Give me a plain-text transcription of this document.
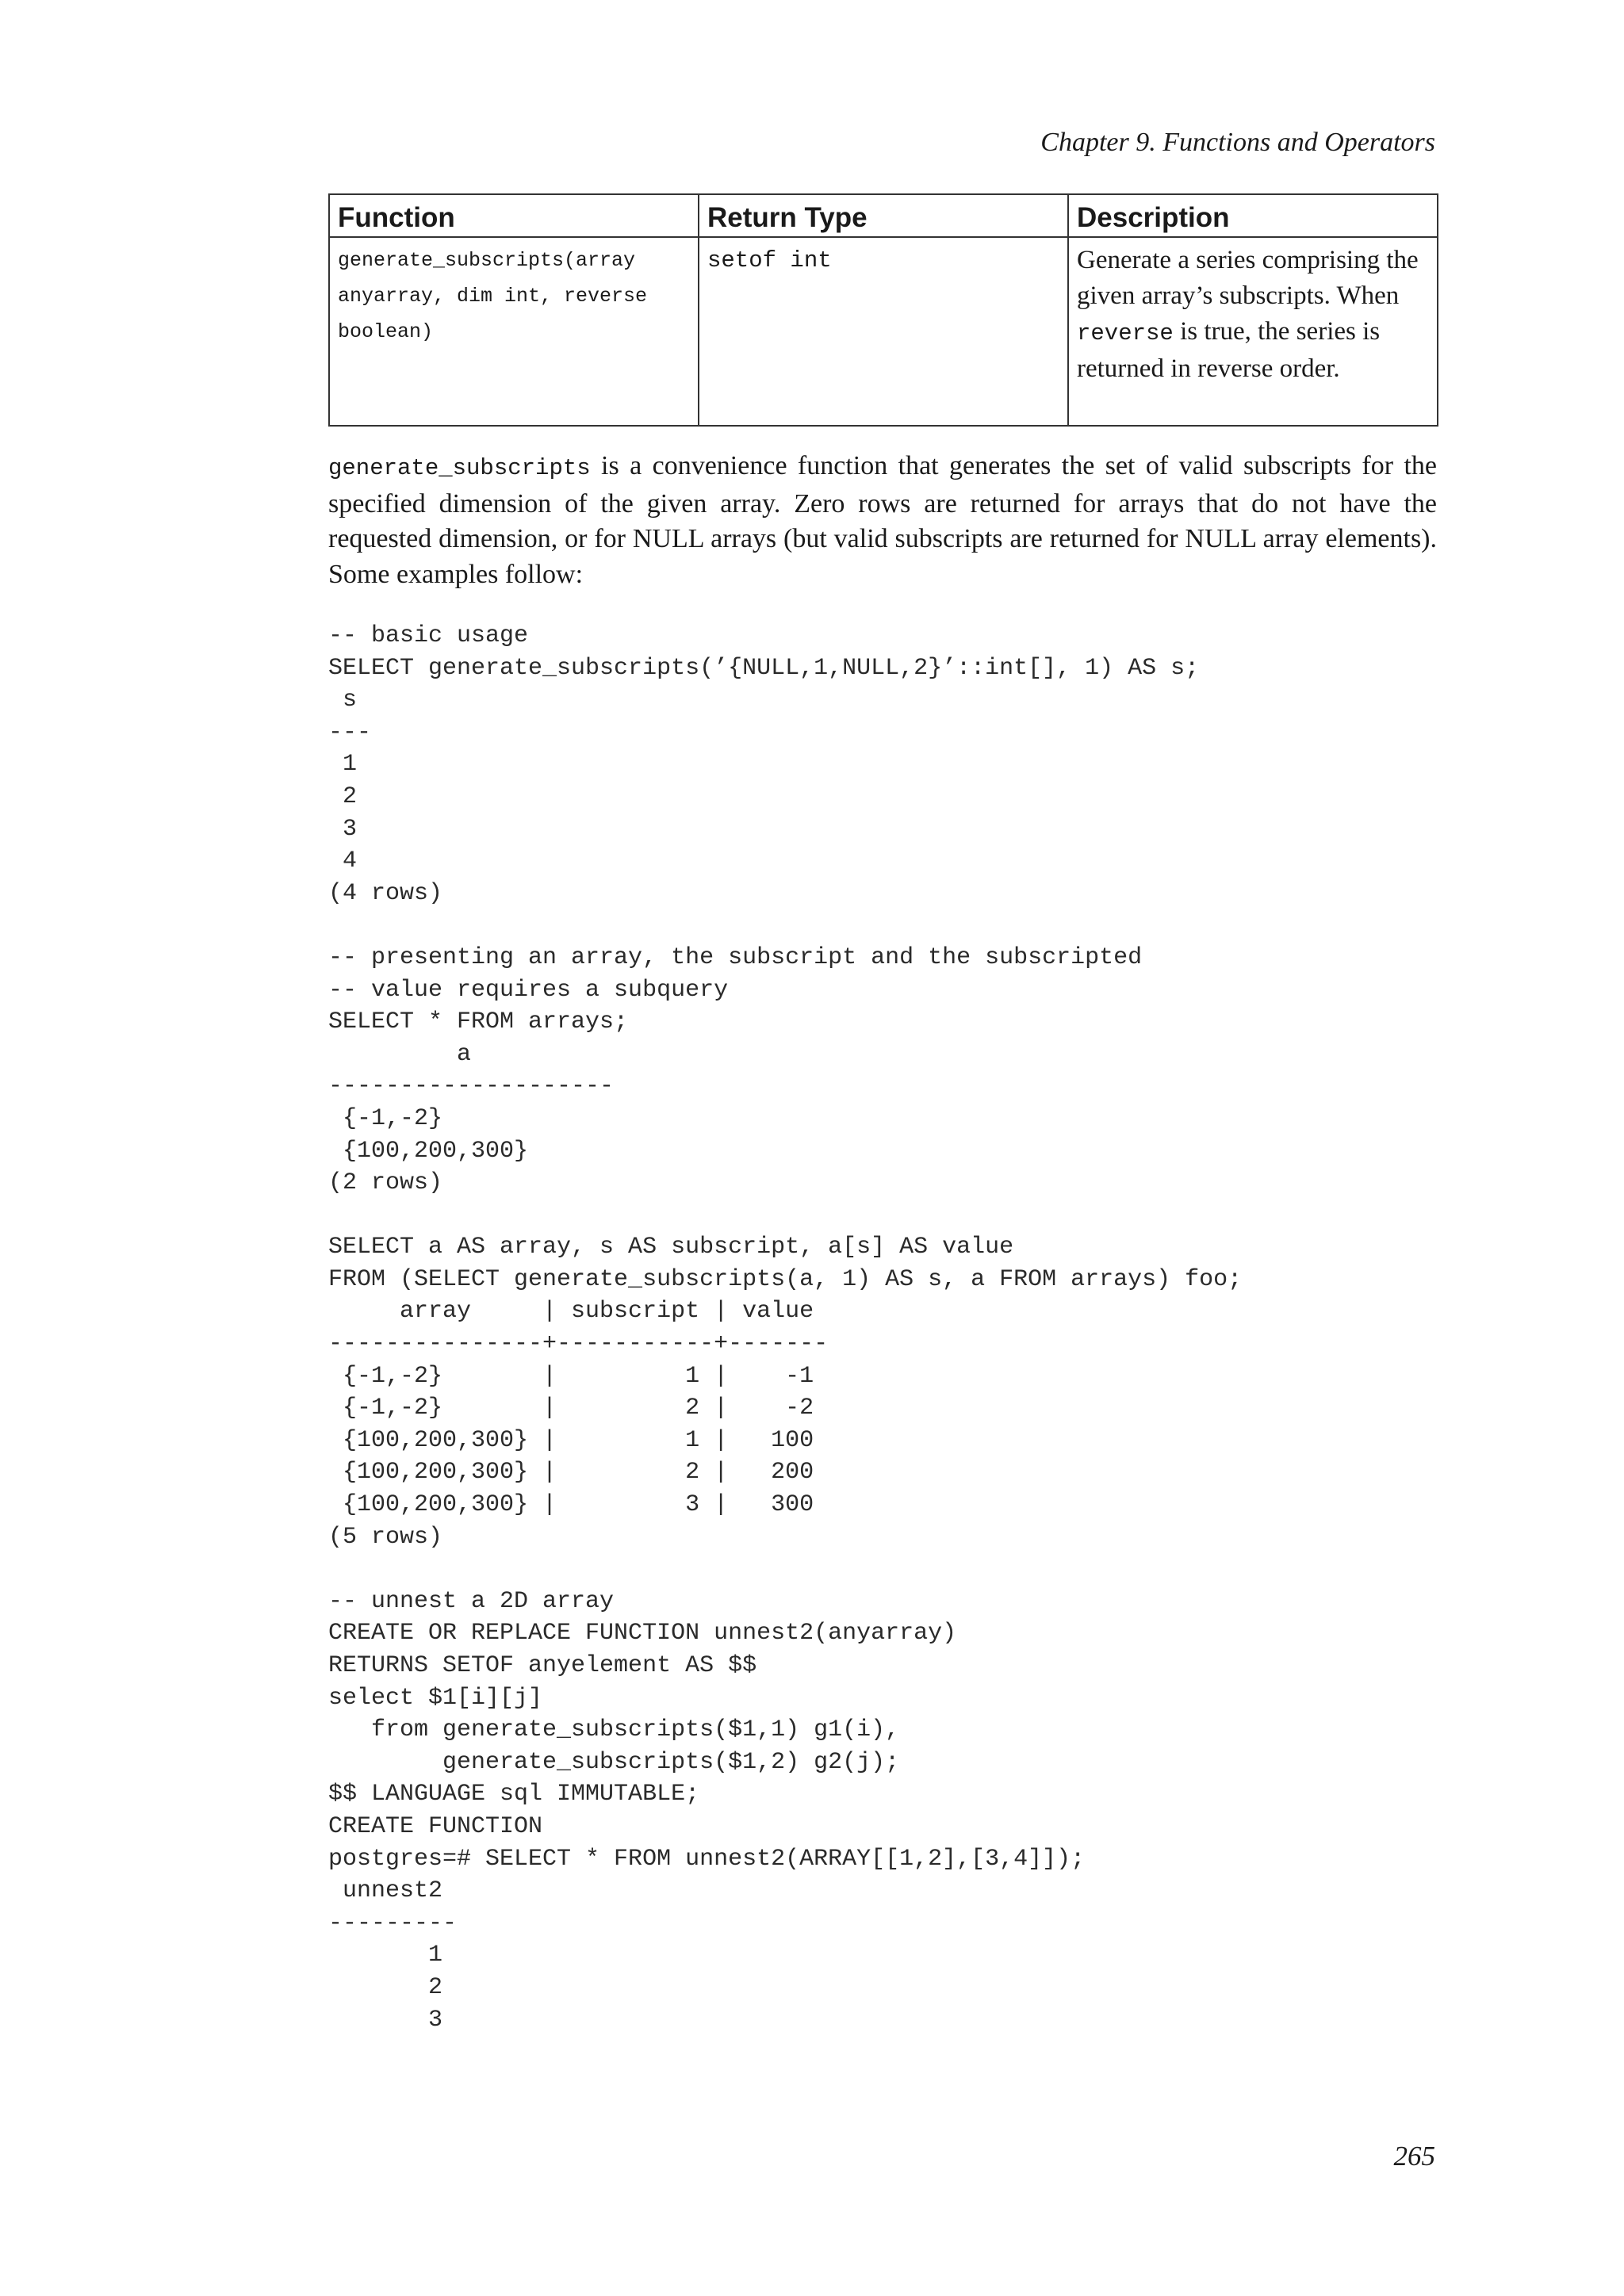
Chapter 9. Functions and Operators
Function	Return Type	Description

generate_subscripts(array
anyarray, dim int, reverse
boolean)	setof int	Generate a series comprising the given array’s subscripts. When reverse is true, the series is returned in reverse order.
generate_subscripts is a convenience function that generates the set of valid subscripts for the specified dimension of the given array. Zero rows are returned for arrays that do not have the requested dimension, or for NULL arrays (but valid subscripts are returned for NULL array elements). Some examples follow:
-- basic usage
SELECT generate_subscripts(’{NULL,1,NULL,2}’::int[], 1) AS s;
s
---
1
2
3
4
(4 rows)

-- presenting an array, the subscript and the subscripted
-- value requires a subquery
SELECT * FROM arrays;
a
--------------------
{-1,-2}
{100,200,300}
(2 rows)

SELECT a AS array, s AS subscript, a[s] AS value
FROM (SELECT generate_subscripts(a, 1) AS s, a FROM arrays) foo;
array     | subscript | value
---------------+-----------+-------
{-1,-2}       |         1 |    -1
{-1,-2}       |         2 |    -2
{100,200,300} |         1 |   100
{100,200,300} |         2 |   200
{100,200,300} |         3 |   300
(5 rows)

-- unnest a 2D array
CREATE OR REPLACE FUNCTION unnest2(anyarray)
RETURNS SETOF anyelement AS $$
select $1[i][j]
from generate_subscripts($1,1) g1(i),
generate_subscripts($1,2) g2(j);
$$ LANGUAGE sql IMMUTABLE;
CREATE FUNCTION
postgres=# SELECT * FROM unnest2(ARRAY[[1,2],[3,4]]);
unnest2
---------
1
2
3
265
